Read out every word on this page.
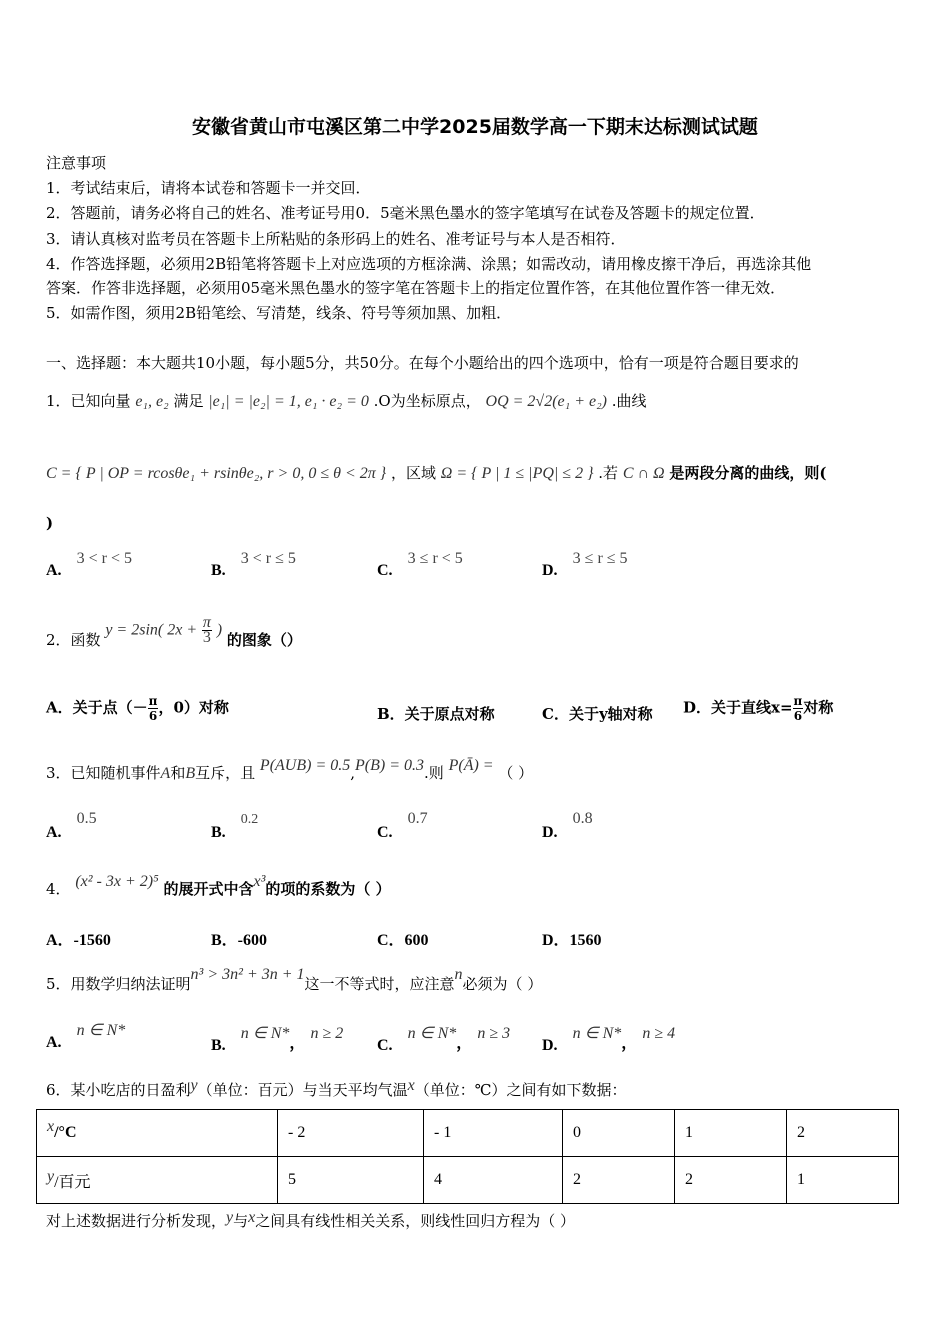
安徽省黄山市屯溪区第二中学2025届数学高一下期末达标测试试题
注意事项
1．考试结束后，请将本试卷和答题卡一并交回．
2．答题前，请务必将自己的姓名、准考证号用0．5毫米黑色墨水的签字笔填写在试卷及答题卡的规定位置．
3．请认真核对监考员在答题卡上所粘贴的条形码上的姓名、准考证号与本人是否相符．
4．作答选择题，必须用2B铅笔将答题卡上对应选项的方框涂满、涂黑；如需改动，请用橡皮擦干净后，再选涂其他
答案．作答非选择题，必须用05毫米黑色墨水的签字笔在答题卡上的指定位置作答，在其他位置作答一律无效．
5．如需作图，须用2B铅笔绘、写清楚，线条、符号等须加黑、加粗．
一、选择题：本大题共10小题，每小题5分，共50分。在每个小题给出的四个选项中，恰有一项是符合题目要求的
1．已知向量 e₁, e₂ 满足 |e₁| = |e₂| = 1, e₁ · e₂ = 0 .O为坐标原点， OQ = 2√2(e₁ + e₂) .曲线
C = { P | OP = rcosθe₁ + rsinθe₂, r > 0, 0 ≤ θ < 2π } ，区域 Ω = { P | 1 ≤ |PQ| ≤ 2 } .若 C ∩ Ω 是两段分离的曲线，则(
)
A. 3 < r < 5
B. 3 < r ≤ 5
C. 3 ≤ r < 5
D. 3 ≤ r ≤ 5
2．函数 y = 2sin( $2x + \frac{\pi}{3}$ ) 的图象（）
A．关于点（－ $\frac{\pi}{6}$ ，0）对称	B．关于原点对称	C．关于y轴对称 D．关于直线$x= \frac{\pi}{6}$ 对称
3．已知随机事件A和B互斥，且 P(AUB) = 0.5,P(B) = 0.3.则 P(Ā) = （ ）
A. 0.5
B. 0.2
C. 0.7
D. 0.8
4． (x² - 3x + 2)⁵ 的展开式中含x³的项的系数为（ ）
A．-1560	B．-600	C．600	D．1560
5．用数学归纳法证明n³ > 3n² + 3n + 1这一不等式时，应注意n必须为（ ）
A. n ∈ N*
B. n ∈ N*， n ≥ 2
C. n ∈ N*， n ≥ 3
D. n ∈ N*， n ≥ 4
6．某小吃店的日盈利y（单位：百元）与当天平均气温x（单位：℃）之间有如下数据：
x/°C	- 2	- 1	0	1	2
y/百元	5	4	2	2	1
对上述数据进行分析发现，y与x之间具有线性相关关系，则线性回归方程为（ ）
